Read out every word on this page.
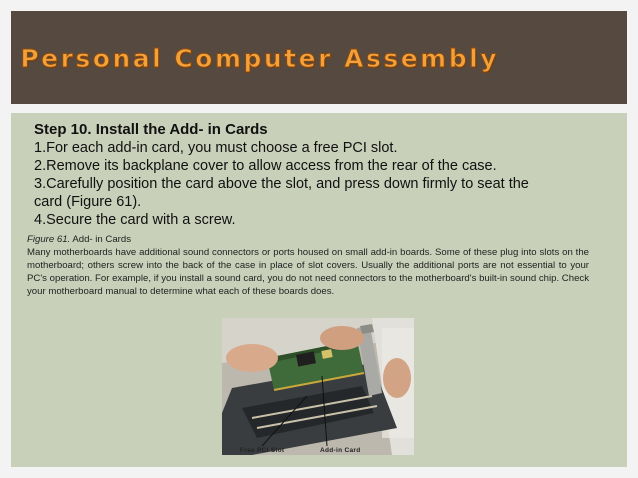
Personal Computer Assembly
Step 10. Install the Add- in Cards
1.For each add-in card, you must choose a free PCI slot.
2.Remove its backplane cover to allow access from the rear of the case.
3.Carefully position the card above the slot, and press down firmly to seat the
card (Figure 61).
4.Secure the card with a screw.
Figure 61. Add- in Cards
Many motherboards have additional sound connectors or ports housed on small add-in boards. Some of these plug into slots on the motherboard; others screw into the back of the case in place of slot covers. Usually the additional ports are not essential to your PC's operation. For example, if you install a sound card, you do not need connectors to the motherboard's built-in sound chip. Check your motherboard manual to determine what each of these boards does.
Free PCI Slot	Add-in Card
